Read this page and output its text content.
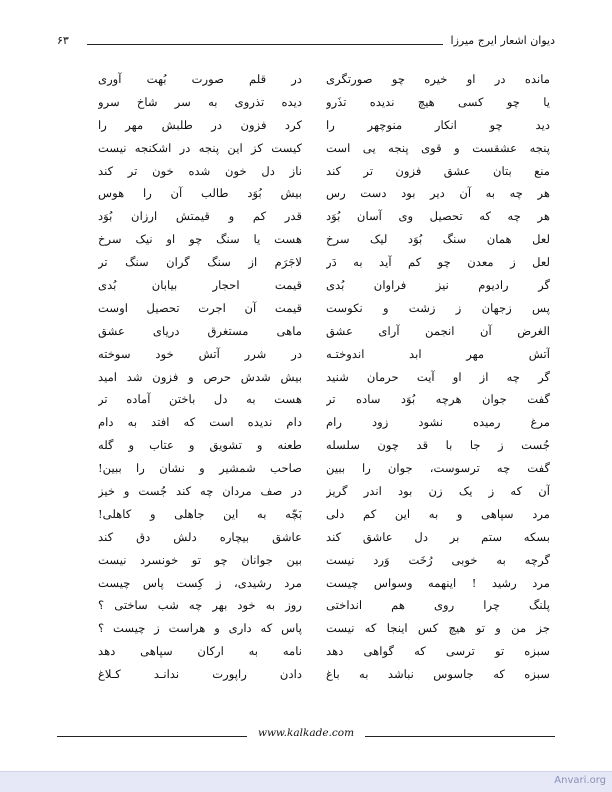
دیوان اشعار ایرج میرزا
۶۳
مانده در او خیره چو صورتگری
یا چو کسی هیچ ندیده تذَرو
دید چو انکار منوچهر را
پنجه عشقست و قوی پنجه یی است
منع بتان عشق فزون تر کند
هر چه به آن دیر بود دست رس
هر چه که تحصیل وی آسان بُوَد
لعل همان سنگ بُوَد لیک سرخ
لعل ز معدن چو کم آید به دَر
گر رادیوم نیز فراوان بُدی
پس زجهان ز زشت و نکوست
الغرض آن انجمن آرای عشق
آتش مهر ابد اندوختـه
گر چه از او آیت حرمان شنید
گفت جوان هرچه بُوَد ساده تر
مرغ رمیده نشود زود رام
جُست ز جا با قد چون سلسله
گفت چه ترسوست، جوان را ببین
آن که ز یک زن بود اندر گریز
مرد سپاهی و به این کم دلی
بسکه ستم بر دل عاشق کند
گرچه به خوبی رُخَت وَرد نیست
مرد رشید ! اینهمه وسواس چیست
پلنگ چرا روی هم انداختی
جز من و تو هیچ کس اینجا که نیست
سبزه تو ترسی که گواهی دهد
سبزه که جاسوس نباشد به باغ
در قلم صورت بُهت آوری
دیده تذروی به سر شاخ سرو
کرد فزون در طلبش مهر را
کیست کز این پنجه در اشکنجه نیست
ناز دل خون شده خون تر کند
بیش بُوَد طالب آن را هوس
قدر کم و قیمتش ارزان بُوَد
هست یا سنگ چو او نیک سرخ
لاجَرَم از سنگ گران سنگ تر
قیمت احجار بیابان بُدی
قیمت آن اجرت تحصیل اوست
ماهی مستغرق دریای عشق
در شرر آتش خود سوخته
بیش شدش حرص و فزون شد امید
هست به دل باختن آماده تر
دام ندیده است که افتد به دام
طعنه و تشویق و عتاب و گله
صاحب شمشیر و نشان را ببین!
در صف مردان چه کند جُست و خیز
بَچّه به این جاهلی و کاهلی!
عاشق بیچاره دلش دق کند
بین جوانان چو تو خونسرد نیست
مرد رشیدی، ز کِست پاس چیست
روز به خود بهر چه شب ساختی ؟
پاس که داری و هراست ز چیست ؟
نامه به ارکان سپاهی دهد
دادن راپورت ندانـد کـلاغ
www.kalkade.com
Anvari.org
